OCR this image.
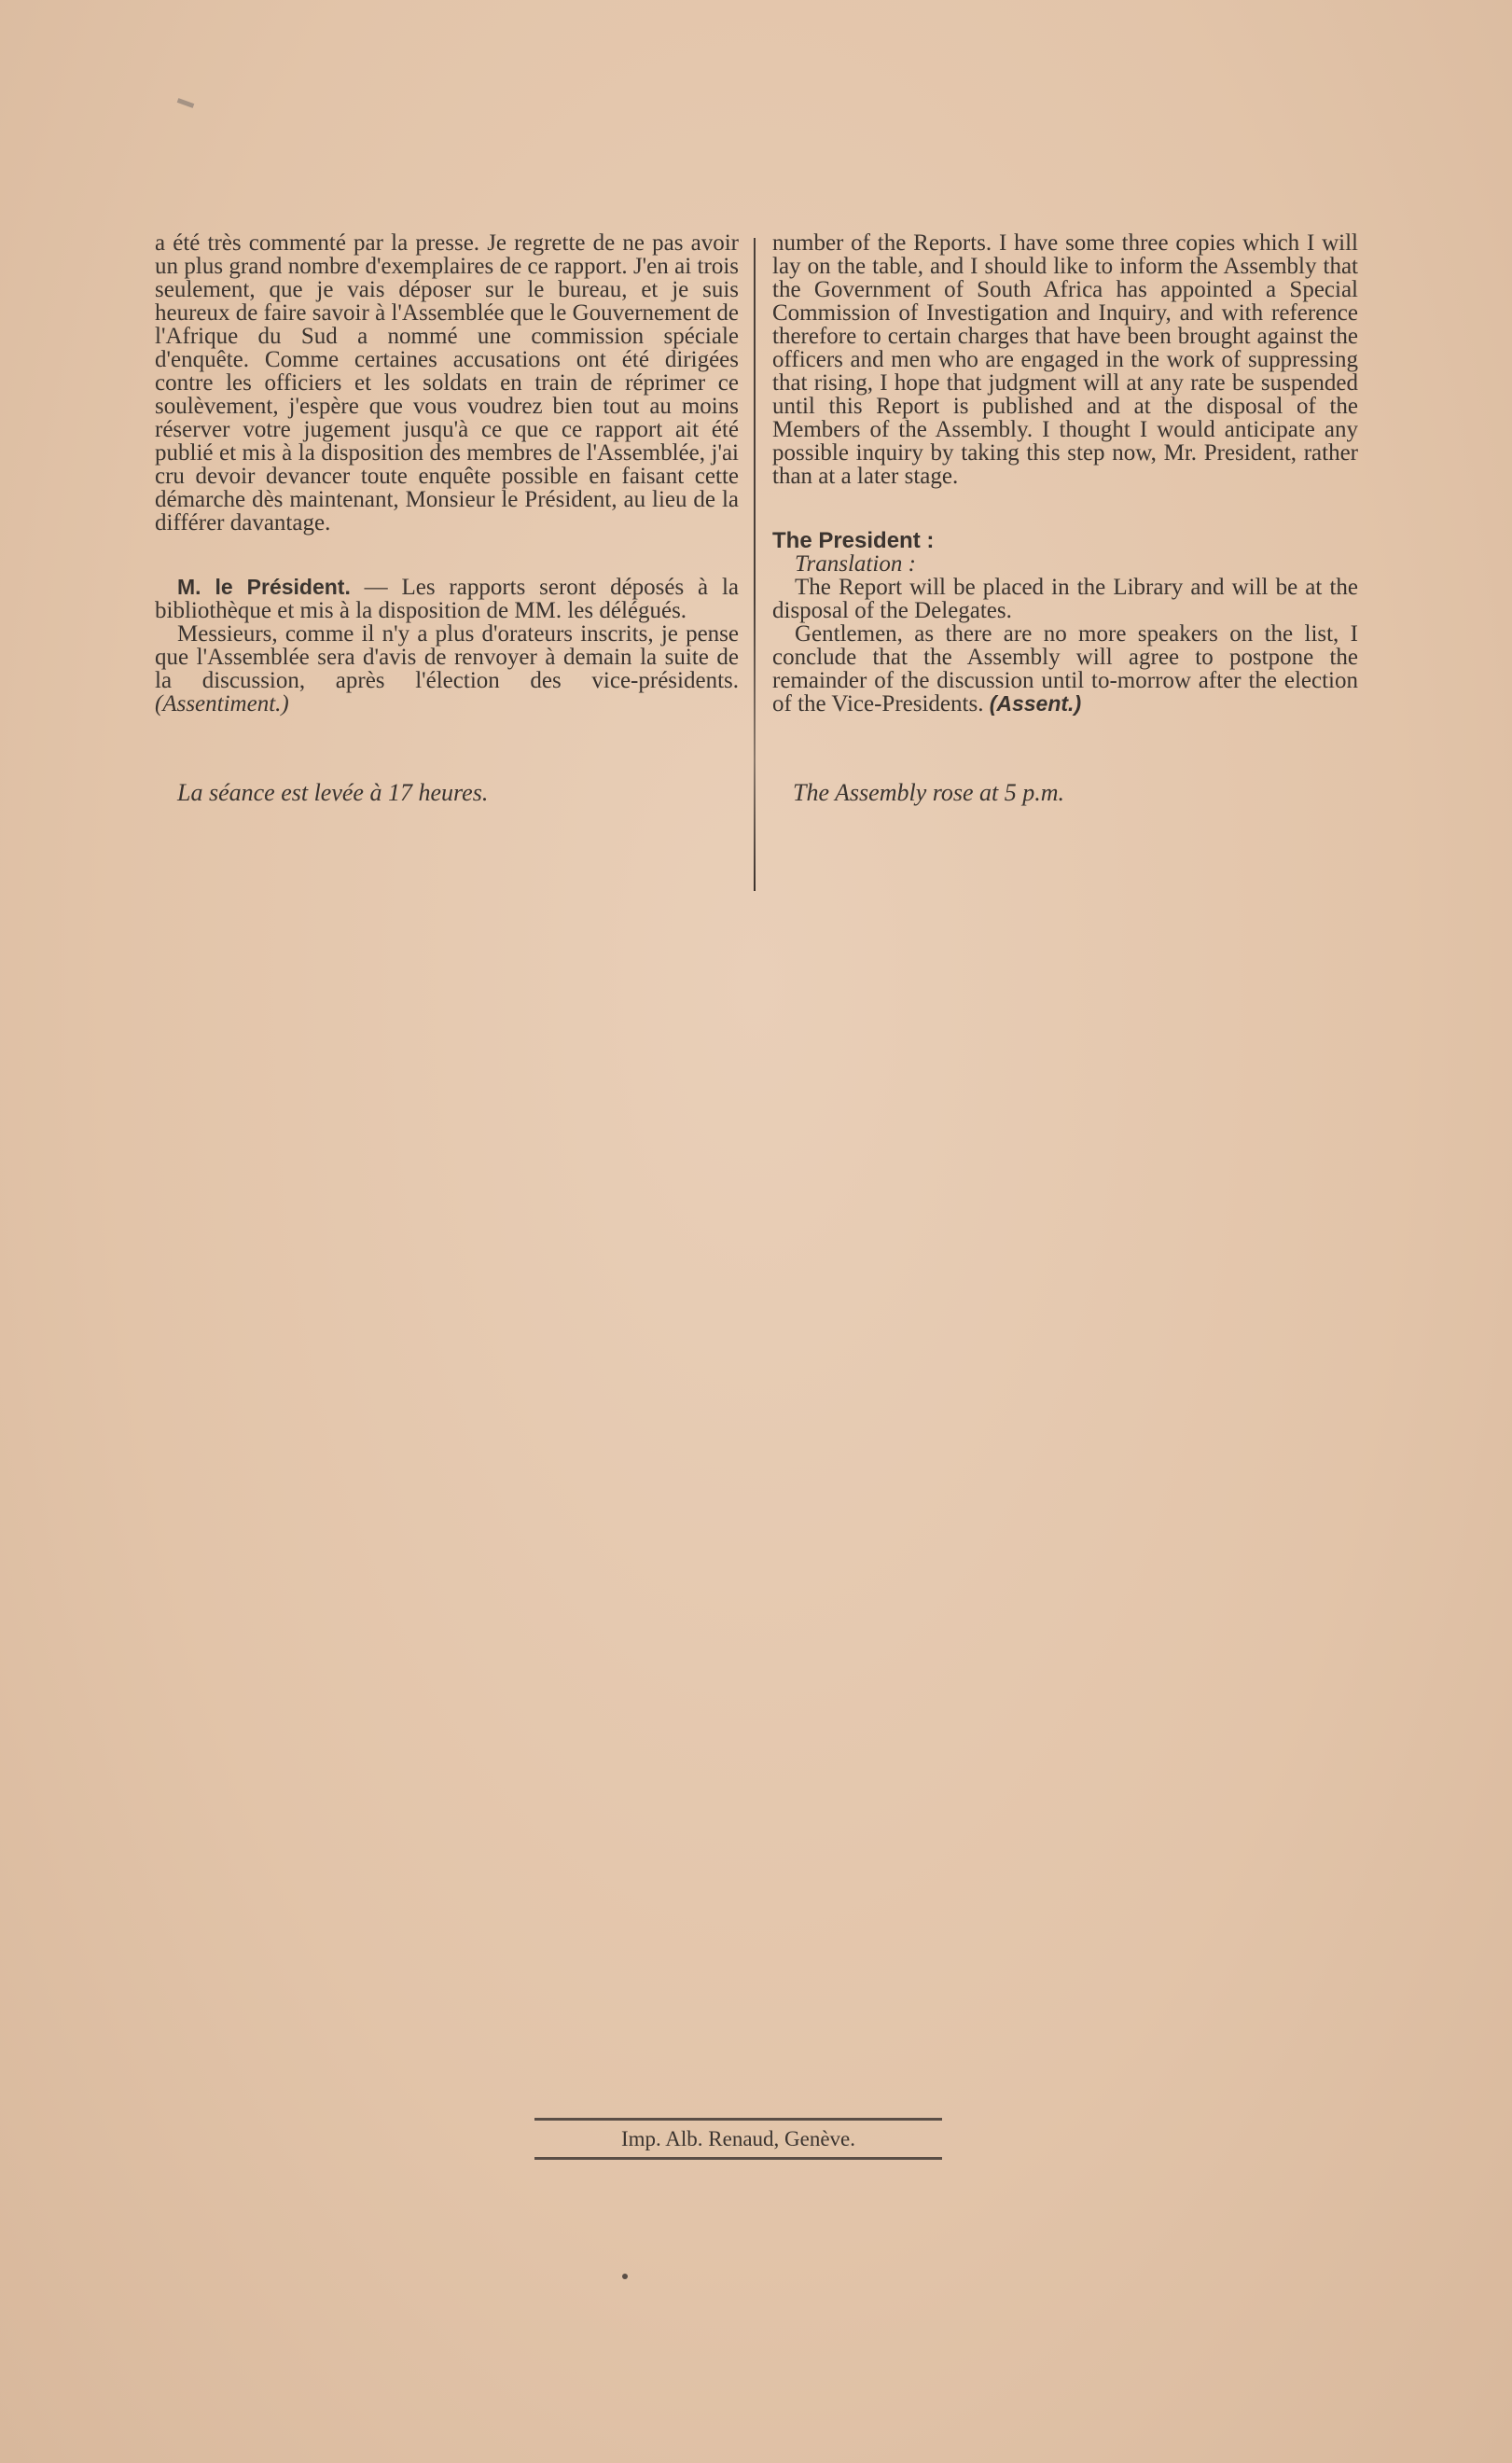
a été très commenté par la presse. Je regrette de ne pas avoir un plus grand nombre d'exemplaires de ce rapport. J'en ai trois seulement, que je vais déposer sur le bureau, et je suis heureux de faire savoir à l'Assemblée que le Gouvernement de l'Afrique du Sud a nommé une commission spéciale d'enquête. Comme certaines accusations ont été dirigées contre les officiers et les soldats en train de réprimer ce soulèvement, j'espère que vous voudrez bien tout au moins réserver votre jugement jusqu'à ce que ce rapport ait été publié et mis à la disposition des membres de l'Assemblée, j'ai cru devoir devancer toute enquête possible en faisant cette démarche dès maintenant, Monsieur le Président, au lieu de la différer davantage.

M. le Président. — Les rapports seront déposés à la bibliothèque et mis à la disposition de MM. les délégués.

Messieurs, comme il n'y a plus d'orateurs inscrits, je pense que l'Assemblée sera d'avis de renvoyer à demain la suite de la discussion, après l'élection des vice-présidents. (Assentiment.)

La séance est levée à 17 heures.

number of the Reports. I have some three copies which I will lay on the table, and I should like to inform the Assembly that the Government of South Africa has appointed a Special Commission of Investigation and Inquiry, and with reference therefore to certain charges that have been brought against the officers and men who are engaged in the work of suppressing that rising, I hope that judgment will at any rate be suspended until this Report is published and at the disposal of the Members of the Assembly. I thought I would anticipate any possible inquiry by taking this step now, Mr. President, rather than at a later stage.

The President :

Translation :

The Report will be placed in the Library and will be at the disposal of the Delegates.

Gentlemen, as there are no more speakers on the list, I conclude that the Assembly will agree to postpone the remainder of the discussion until to-morrow after the election of the Vice-Presidents. (Assent.)

The Assembly rose at 5 p.m.

Imp. Alb. Renaud, Genève.
